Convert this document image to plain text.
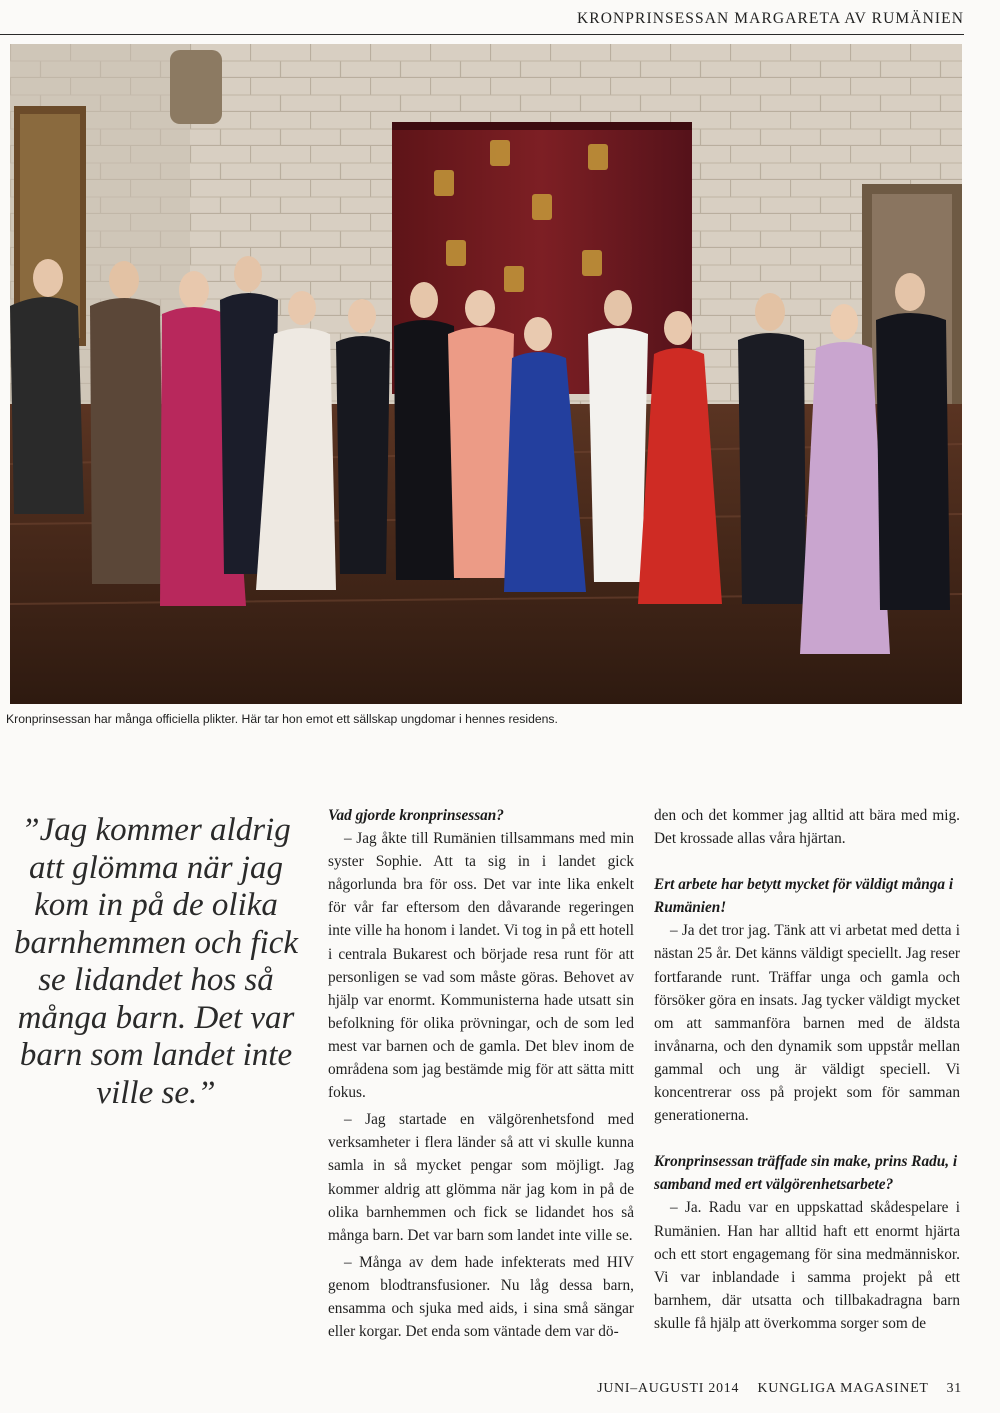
KRONPRINSESSAN MARGARETA AV RUMÄNIEN
Kronprinsessan har många officiella plikter. Här tar hon emot ett sällskap ungdomar i hennes residens.

”Jag kommer aldrig att glömma när jag kom in på de olika barnhemmen och fick se lidandet hos så många barn. Det var barn som landet inte ville se.”

Vad gjorde kronprinsessan?

– Jag åkte till Rumänien tillsammans med min syster Sophie. Att ta sig in i landet gick någorlunda bra för oss. Det var inte lika enkelt för vår far eftersom den dåvarande regeringen inte ville ha honom i landet. Vi tog in på ett hotell i centrala Bukarest och började resa runt för att personligen se vad som måste göras. Behovet av hjälp var enormt. Kommunisterna hade utsatt sin befolkning för olika prövningar, och de som led mest var barnen och de gamla. Det blev inom de områdena som jag bestämde mig för att sätta mitt fokus.

– Jag startade en välgörenhetsfond med verksamheter i flera länder så att vi skulle kunna samla in så mycket pengar som möjligt. Jag kommer aldrig att glömma när jag kom in på de olika barnhemmen och fick se lidandet hos så många barn. Det var barn som landet inte ville se.

– Många av dem hade infekterats med HIV genom blodtransfusioner. Nu låg dessa barn, ensamma och sjuka med aids, i sina små sängar eller korgar. Det enda som väntade dem var dö-

den och det kommer jag alltid att bära med mig. Det krossade allas våra hjärtan.

Ert arbete har betytt mycket för väldigt många i Rumänien!

– Ja det tror jag. Tänk att vi arbetat med detta i nästan 25 år. Det känns väldigt speciellt. Jag reser fortfarande runt. Träffar unga och gamla och försöker göra en insats. Jag tycker väldigt mycket om att sammanföra barnen med de äldsta invånarna, och den dynamik som uppstår mellan gammal och ung är väldigt speciell. Vi koncentrerar oss på projekt som för samman generationerna.

Kronprinsessan träffade sin make, prins Radu, i samband med ert välgörenhetsarbete?

– Ja. Radu var en uppskattad skådespelare i Rumänien. Han har alltid haft ett enormt hjärta och ett stort engagemang för sina medmänniskor. Vi var inblandade i samma projekt på ett barnhem, där utsatta och tillbakadragna barn skulle få hjälp att överkomma sorger som de

JUNI–AUGUSTI 2014 KUNGLIGA MAGASINET 31
